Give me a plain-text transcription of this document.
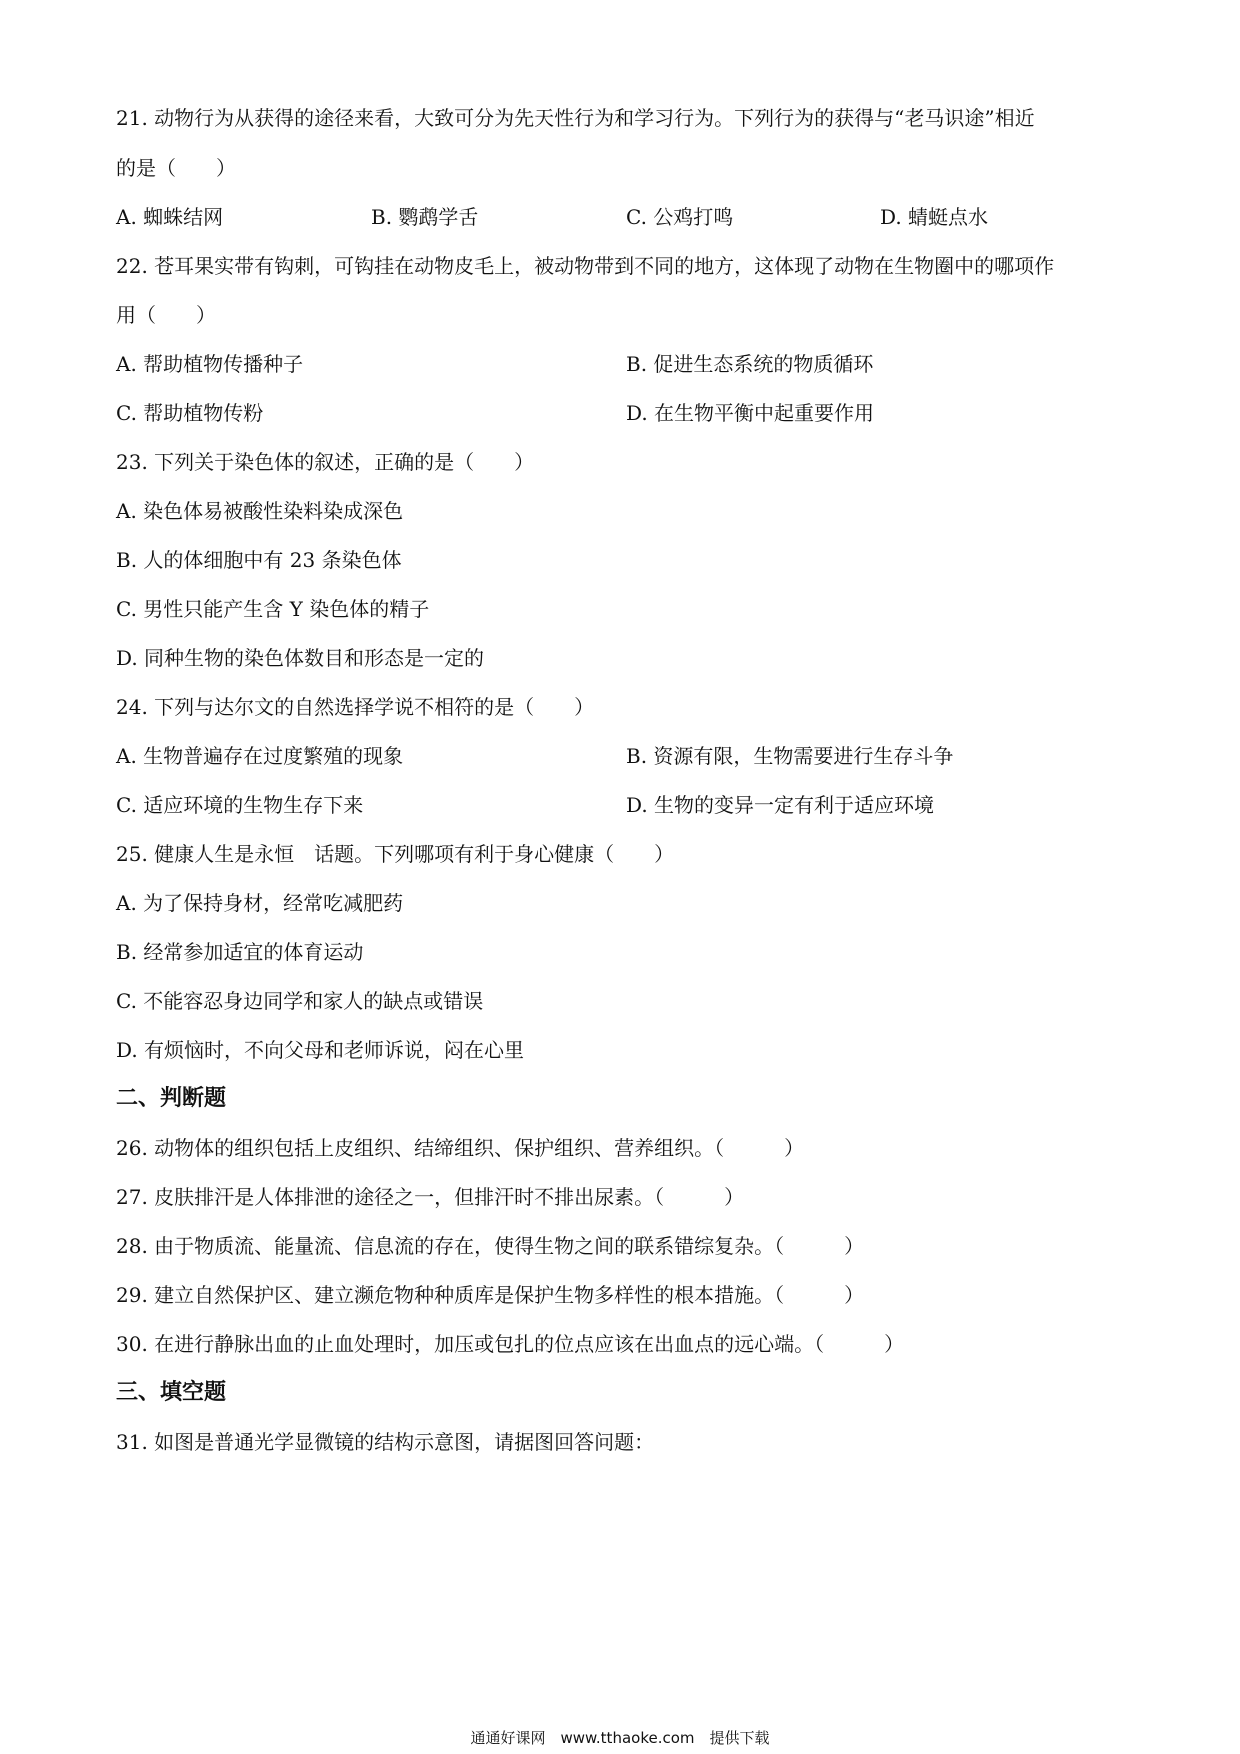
21. 动物行为从获得的途径来看，大致可分为先天性行为和学习行为。下列行为的获得与“老马识途”相近
的是（　　）
A. 蜘蛛结网	B. 鹦鹉学舌	C. 公鸡打鸣	D. 蜻蜓点水
22. 苍耳果实带有钩刺，可钩挂在动物皮毛上，被动物带到不同的地方，这体现了动物在生物圈中的哪项作
用（　　）
A. 帮助植物传播种子	B. 促进生态系统的物质循环
C. 帮助植物传粉	D. 在生物平衡中起重要作用
23. 下列关于染色体的叙述，正确的是（　　）
A. 染色体易被酸性染料染成深色
B. 人的体细胞中有 23 条染色体
C. 男性只能产生含 Y 染色体的精子
D. 同种生物的染色体数目和形态是一定的
24. 下列与达尔文的自然选择学说不相符的是（　　）
A. 生物普遍存在过度繁殖的现象	B. 资源有限，生物需要进行生存斗争
C. 适应环境的生物生存下来	D. 生物的变异一定有利于适应环境
25. 健康人生是永恒　话题。下列哪项有利于身心健康（　　）
A. 为了保持身材，经常吃减肥药
B. 经常参加适宜的体育运动
C. 不能容忍身边同学和家人的缺点或错误
D. 有烦恼时，不向父母和老师诉说，闷在心里
二、判断题
26. 动物体的组织包括上皮组织、结缔组织、保护组织、营养组织。（　　　）
27. 皮肤排汗是人体排泄的途径之一，但排汗时不排出尿素。（　　　）
28. 由于物质流、能量流、信息流的存在，使得生物之间的联系错综复杂。（　　　）
29. 建立自然保护区、建立濒危物种种质库是保护生物多样性的根本措施。（　　　）
30. 在进行静脉出血的止血处理时，加压或包扎的位点应该在出血点的远心端。（　　　）
三、填空题
31. 如图是普通光学显微镜的结构示意图，请据图回答问题：
通通好课网　www.tthaoke.com　提供下载
